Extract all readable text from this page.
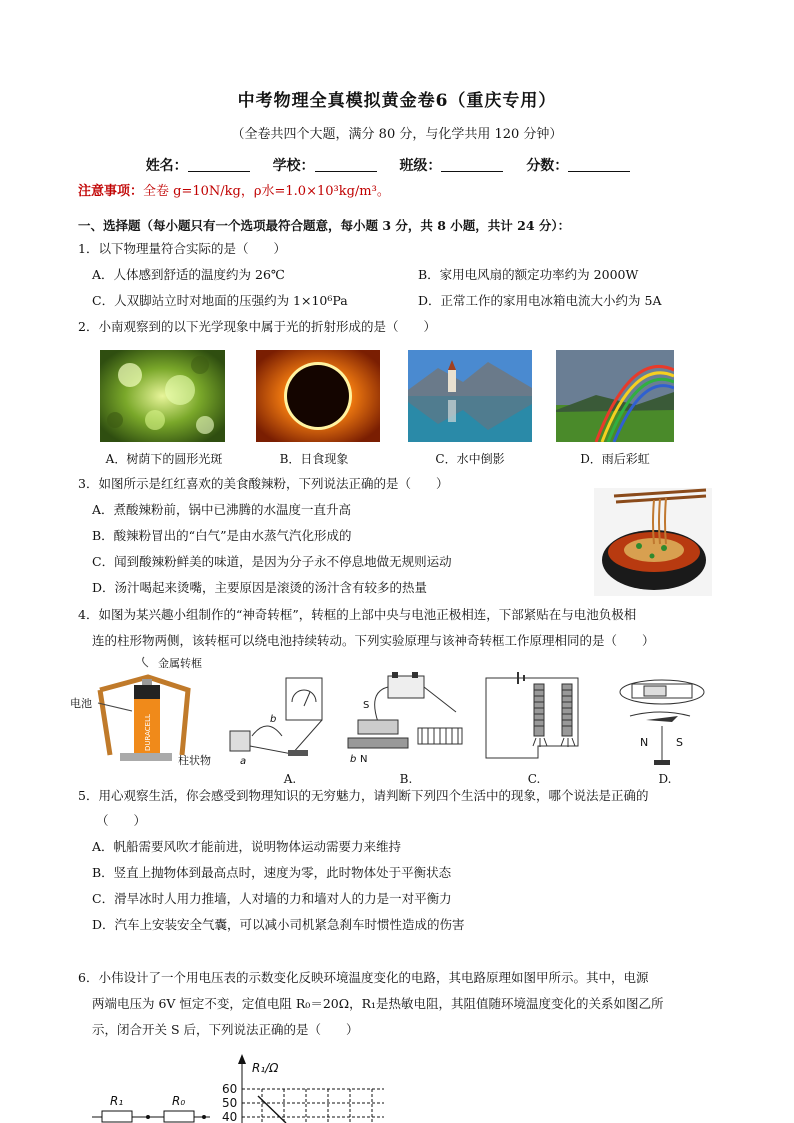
中考物理全真模拟黄金卷6（重庆专用）
（全卷共四个大题，满分 80 分，与化学共用 120 分钟）
姓名：	学校：	班级：	分数：
注意事项：全卷 g=10N/kg，ρ水=1.0×10³kg/m³。
一、选择题（每小题只有一个选项最符合题意，每小题 3 分，共 8 小题，共计 24 分）：
1．以下物理量符合实际的是（　　）
A．人体感到舒适的温度约为 26℃	B．家用电风扇的额定功率约为 2000W
C．人双脚站立时对地面的压强约为 1×10⁶Pa	D．正常工作的家用电冰箱电流大小约为 5A
2．小南观察到的以下光学现象中属于光的折射形成的是（　　）
A．树荫下的圆形光斑	B．日食现象	C．水中倒影	D．雨后彩虹
3．如图所示是红红喜欢的美食酸辣粉，下列说法正确的是（　　）
A．煮酸辣粉前，锅中已沸腾的水温度一直升高
B．酸辣粉冒出的“白气”是由水蒸气汽化形成的
C．闻到酸辣粉鲜美的味道，是因为分子永不停息地做无规则运动
D．汤汁喝起来烫嘴，主要原因是滚烫的汤汁含有较多的热量
4．如图为某兴趣小组制作的“神奇转框”，转框的上部中央与电池正极相连，下部紧贴在与电池负极相
连的柱形物两侧，该转框可以绕电池持续转动。下列实验原理与该神奇转框工作原理相同的是（　　）
金属转框
DURACELL
电池
柱状物
b
a
S
b N
N	S
A.	B.	C.	D.
5．用心观察生活，你会感受到物理知识的无穷魅力，请判断下列四个生活中的现象，哪个说法是正确的
（　　）
A．帆船需要风吹才能前进，说明物体运动需要力来维持
B．竖直上抛物体到最高点时，速度为零，此时物体处于平衡状态
C．滑旱冰时人用力推墙，人对墙的力和墙对人的力是一对平衡力
D．汽车上安装安全气囊，可以减小司机紧急刹车时惯性造成的伤害
6．小伟设计了一个用电压表的示数变化反映环境温度变化的电路，其电路原理如图甲所示。其中，电源
两端电压为 6V 恒定不变，定值电阻 R₀＝20Ω，R₁是热敏电阻，其阻值随环境温度变化的关系如图乙所
示，闭合开关 S 后，下列说法正确的是（　　）
R₁	R₀
R₁/Ω
60
50
40
